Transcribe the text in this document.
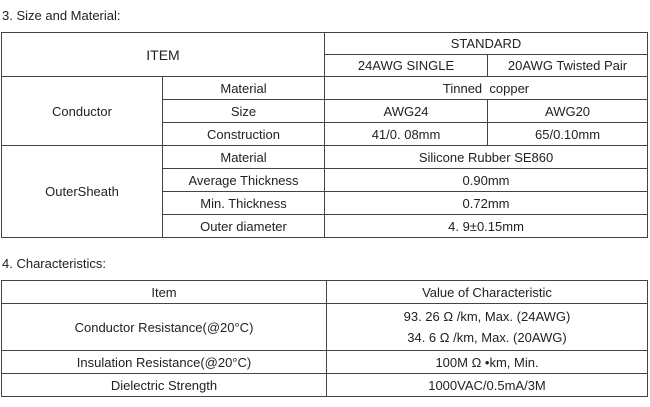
3. Size and Material:
ITEM		STANDARD	
		24AWG SINGLE	20AWG Twisted Pair
Conductor	Material	Tinned  copper	
	Size	AWG24	AWG20
	Construction	41/0. 08mm	65/0.10mm
OuterSheath	Material	Silicone Rubber SE860	
	Average Thickness	0.90mm	
	Min. Thickness	0.72mm	
	Outer diameter	4. 9±0.15mm	
4. Characteristics:
Item	Value of Characteristic
Conductor Resistance(@20°C)	93. 26 Ω /km, Max. (24AWG)
34. 6 Ω /km, Max. (20AWG)

Insulation Resistance(@20°C)	100M Ω •km, Min.
Dielectric Strength	1000VAC/0.5mA/3M
